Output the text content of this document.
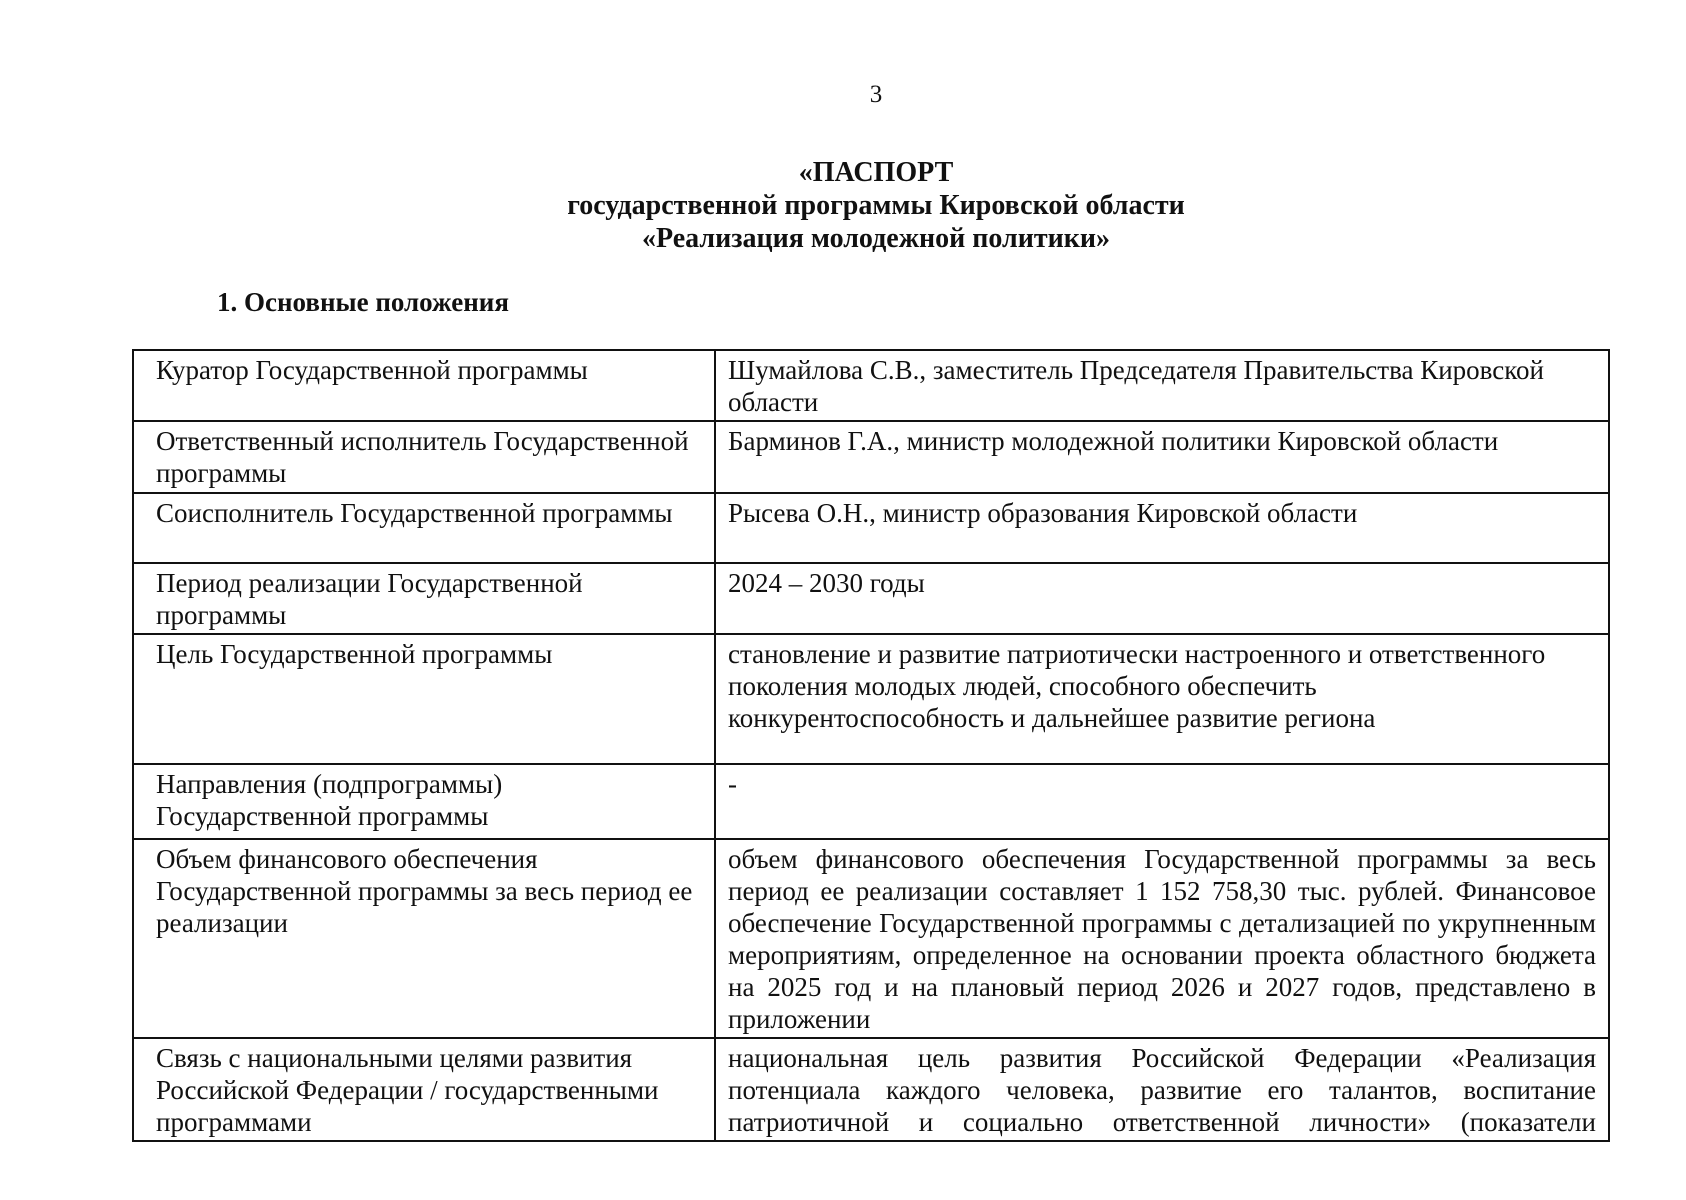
3
«ПАСПОРТ
государственной программы Кировской области
«Реализация молодежной политики»
1. Основные положения
Куратор Государственной программы	Шумайлова С.В., заместитель Председателя Правительства Кировской области
Ответственный исполнитель Государственной программы	Барминов Г.А., министр молодежной политики Кировской области
Соисполнитель Государственной программы	Рысева О.Н., министр образования Кировской области
Период реализации Государственной программы	2024 – 2030 годы
Цель Государственной программы	становление и развитие патриотически настроенного и ответственного поколения молодых людей, способного обеспечить конкурентоспособность и дальнейшее развитие региона
Направления (подпрограммы) Государственной программы	-
Объем финансового обеспечения Государственной программы за весь период ее реализации	объем финансового обеспечения Государственной программы за весь период ее реализации составляет 1 152 758,30 тыс. рублей. Финансовое обеспечение Государственной программы с детализацией по укрупненным мероприятиям, определенное на основании проекта областного бюджета на 2025 год и на плановый период 2026 и 2027 годов, представлено в приложении
Связь с национальными целями развития Российской Федерации / государственными программами	национальная цель развития Российской Федерации «Реализация потенциала каждого человека, развитие его талантов, воспитание патриотичной и социально ответственной личности» (показатели
